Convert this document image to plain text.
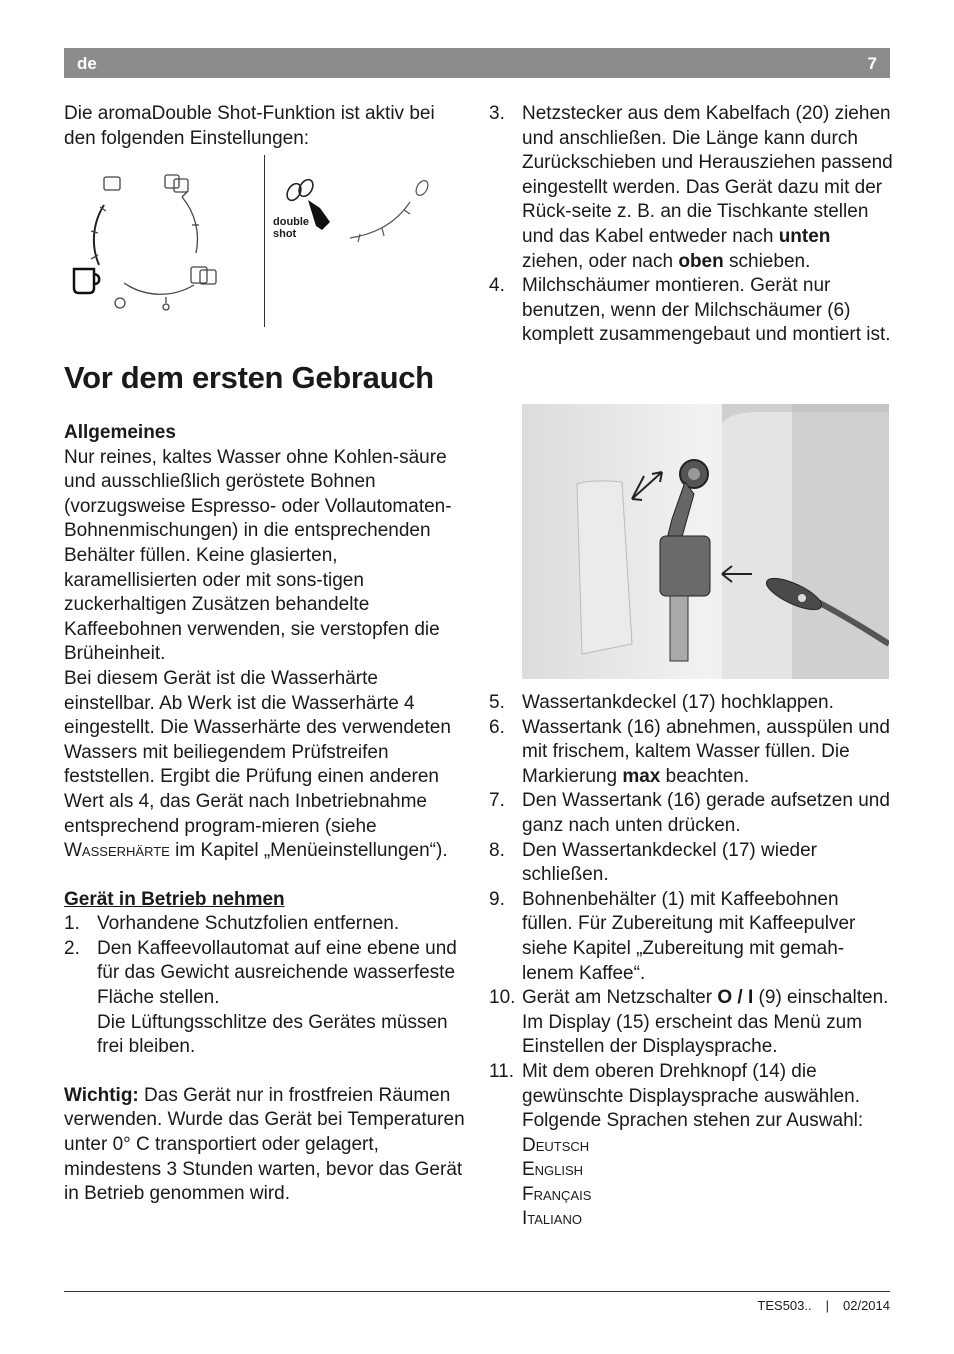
de	7

Die aromaDouble Shot-Funktion ist aktiv bei den folgenden Einstellungen:

double
shot
Vor dem ersten Gebrauch

Allgemeines

Nur reines, kaltes Wasser ohne Kohlen-säure und ausschließlich geröstete Bohnen (vorzugsweise Espresso- oder Vollautomaten-Bohnenmischungen) in die entsprechenden Behälter füllen. Keine glasierten, karamellisierten oder mit sons-tigen zuckerhaltigen Zusätzen behandelte Kaffeebohnen verwenden, sie verstopfen die Brüheinheit.

Bei diesem Gerät ist die Wasserhärte einstellbar. Ab Werk ist die Wasserhärte 4 eingestellt. Die Wasserhärte des verwendeten Wassers mit beiliegendem Prüfstreifen feststellen. Ergibt die Prüfung einen anderen Wert als 4, das Gerät nach Inbetriebnahme entsprechend program-mieren (siehe Wasserhärte im Kapitel „Menüeinstellungen“).

Gerät in Betrieb nehmen

1. Vorhandene Schutzfolien entfernen.
2. Den Kaffeevollautomat auf eine ebene und für das Gewicht ausreichende wasserfeste Fläche stellen.
Die Lüftungsschlitze des Gerätes müssen frei bleiben.

Wichtig: Das Gerät nur in frostfreien Räumen verwenden. Wurde das Gerät bei Temperaturen unter 0° C transportiert oder gelagert, mindestens 3 Stunden warten, bevor das Gerät in Betrieb genommen wird.

3. Netzstecker aus dem Kabelfach (20) ziehen und anschließen. Die Länge kann durch Zurückschieben und Herausziehen passend eingestellt werden. Das Gerät dazu mit der Rück-seite z. B. an die Tischkante stellen und das Kabel entweder nach unten ziehen, oder nach oben schieben.
4. Milchschäumer montieren. Gerät nur benutzen, wenn der Milchschäumer (6) komplett zusammengebaut und montiert ist.
5. Wassertankdeckel (17) hochklappen.
6. Wassertank (16) abnehmen, ausspülen und mit frischem, kaltem Wasser füllen. Die Markierung max beachten.
7. Den Wassertank (16) gerade aufsetzen und ganz nach unten drücken.
8. Den Wassertankdeckel (17) wieder schließen.
9. Bohnenbehälter (1) mit Kaffeebohnen füllen. Für Zubereitung mit Kaffeepulver siehe Kapitel „Zubereitung mit gemah-lenem Kaffee“.
10. Gerät am Netzschalter O / I (9) einschalten. Im Display (15) erscheint das Menü zum Einstellen der Displaysprache.
11. Mit dem oberen Drehknopf (14) die gewünschte Displaysprache auswählen. Folgende Sprachen stehen zur Auswahl:
Deutsch
English
Français
Italiano
TES503.. | 02/2014
